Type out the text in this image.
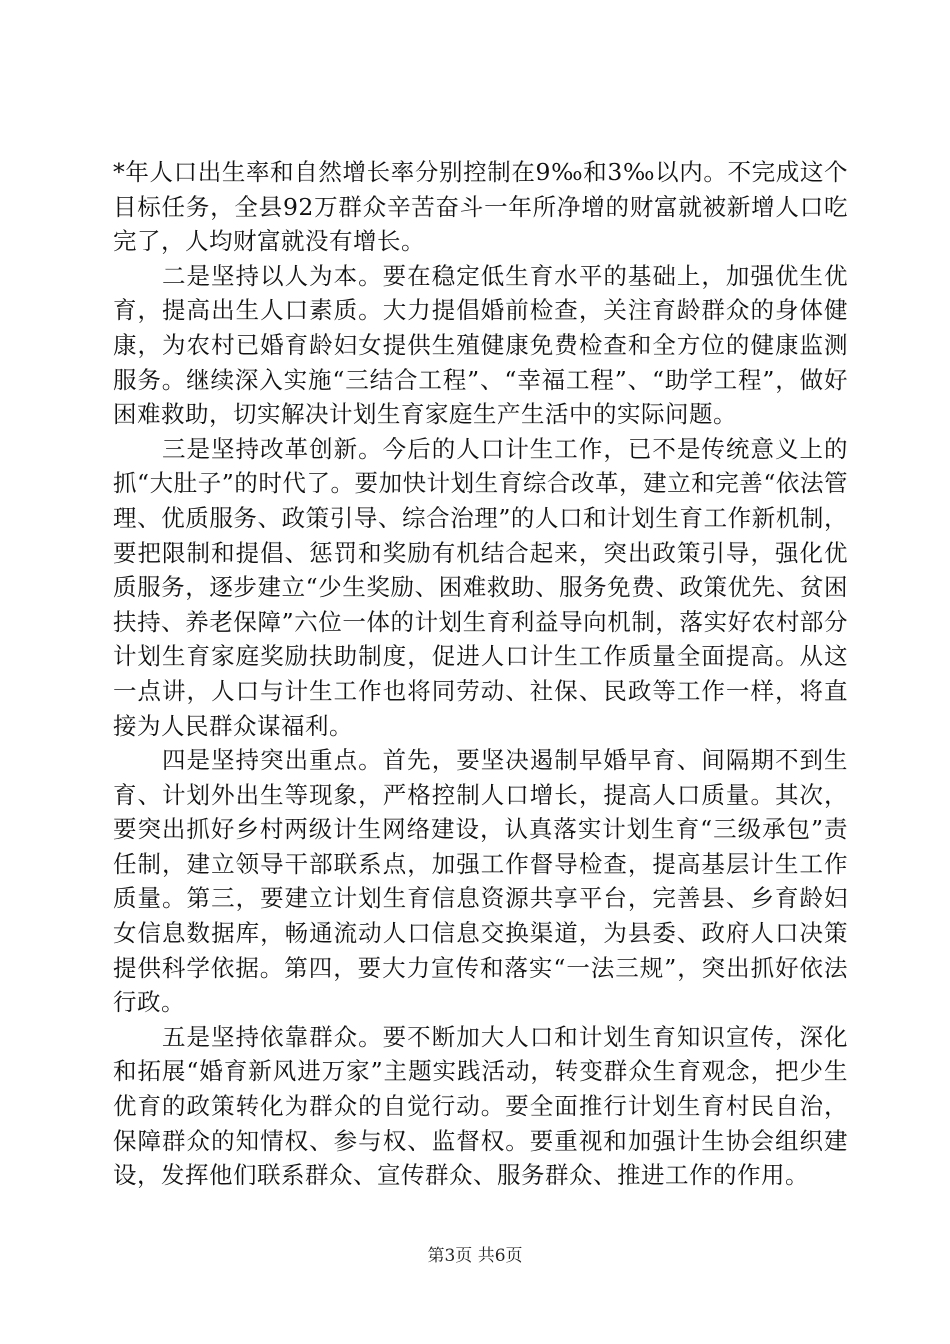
*年人口出生率和自然增长率分别控制在9‰和3‰以内。不完成这个目标任务，全县92万群众辛苦奋斗一年所净增的财富就被新增人口吃完了，人均财富就没有增长。

二是坚持以人为本。要在稳定低生育水平的基础上，加强优生优育，提高出生人口素质。大力提倡婚前检查，关注育龄群众的身体健康，为农村已婚育龄妇女提供生殖健康免费检查和全方位的健康监测服务。继续深入实施“三结合工程”、“幸福工程”、“助学工程”，做好困难救助，切实解决计划生育家庭生产生活中的实际问题。

三是坚持改革创新。今后的人口计生工作，已不是传统意义上的抓“大肚子”的时代了。要加快计划生育综合改革，建立和完善“依法管理、优质服务、政策引导、综合治理”的人口和计划生育工作新机制，要把限制和提倡、惩罚和奖励有机结合起来，突出政策引导，强化优质服务，逐步建立“少生奖励、困难救助、服务免费、政策优先、贫困扶持、养老保障”六位一体的计划生育利益导向机制，落实好农村部分计划生育家庭奖励扶助制度，促进人口计生工作质量全面提高。从这一点讲，人口与计生工作也将同劳动、社保、民政等工作一样，将直接为人民群众谋福利。

四是坚持突出重点。首先，要坚决遏制早婚早育、间隔期不到生育、计划外出生等现象，严格控制人口增长，提高人口质量。其次，要突出抓好乡村两级计生网络建设，认真落实计划生育“三级承包”责任制，建立领导干部联系点，加强工作督导检查，提高基层计生工作质量。第三，要建立计划生育信息资源共享平台，完善县、乡育龄妇女信息数据库，畅通流动人口信息交换渠道，为县委、政府人口决策提供科学依据。第四，要大力宣传和落实“一法三规”，突出抓好依法行政。

五是坚持依靠群众。要不断加大人口和计划生育知识宣传，深化和拓展“婚育新风进万家”主题实践活动，转变群众生育观念，把少生优育的政策转化为群众的自觉行动。要全面推行计划生育村民自治，保障群众的知情权、参与权、监督权。要重视和加强计生协会组织建设，发挥他们联系群众、宣传群众、服务群众、推进工作的作用。

第3页 共6页
